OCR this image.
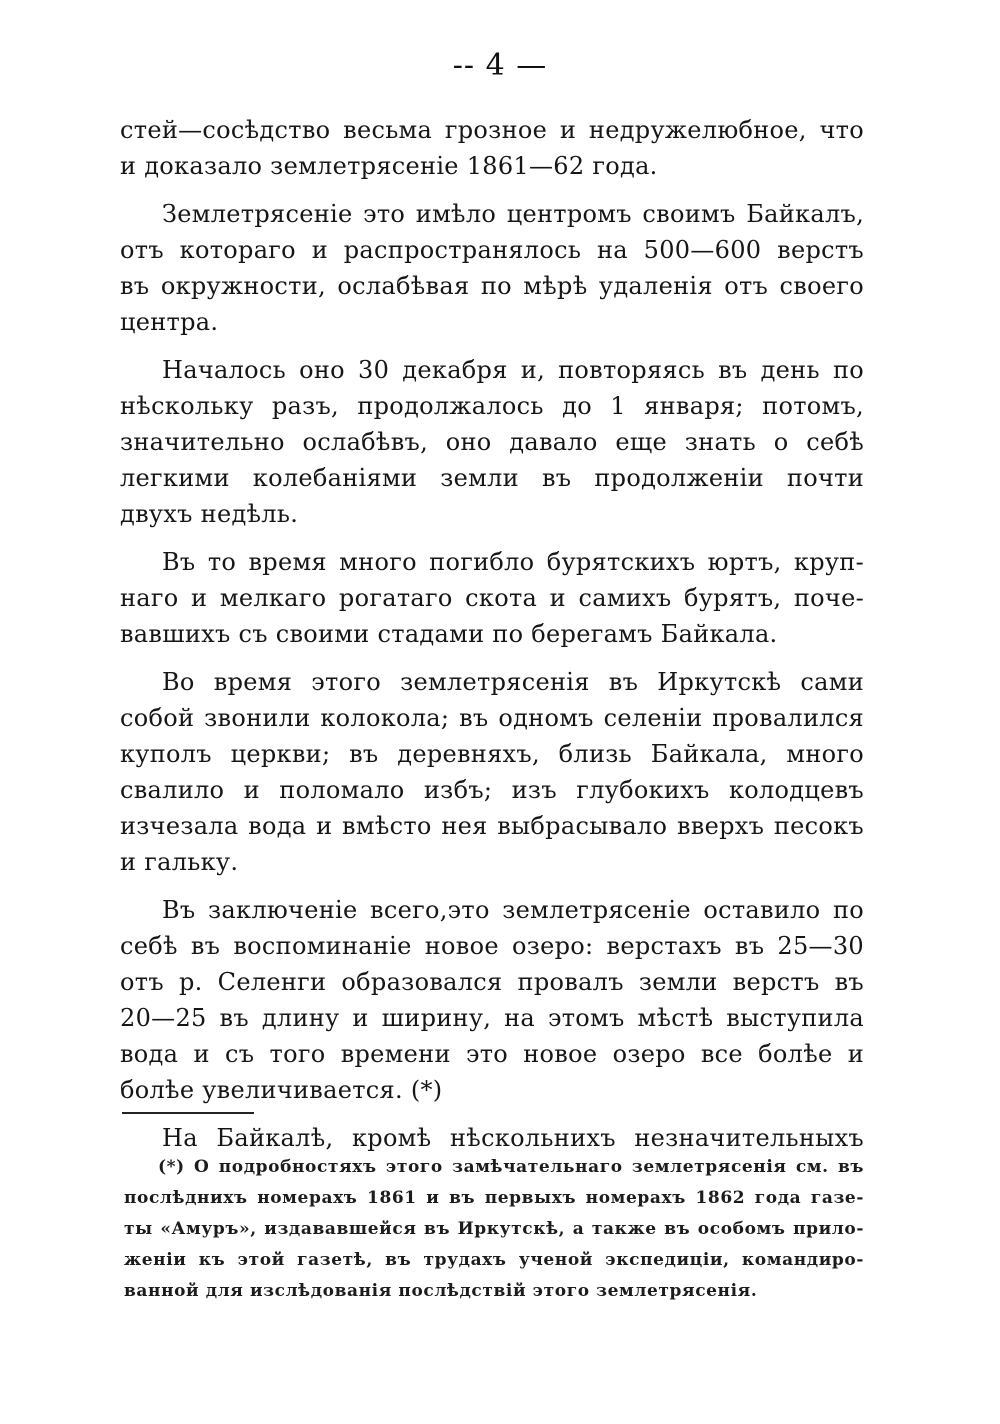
-- 4 —
стей—сосѣдство весьма грозное и недружелюбное, что
и доказало землетрясеніе 1861—62 года.
Землетрясеніе это имѣло центромъ своимъ Байкалъ,
отъ котораго и распространялось на 500—600 верстъ
въ окружности, ослабѣвая по мѣрѣ удаленія отъ своего
центра.
Началось оно 30 декабря и, повторяясь въ день по
нѣскольку разъ, продолжалось до 1 января; потомъ,
значительно ослабѣвъ, оно давало еще знать о себѣ
легкими колебаніями земли въ продолженіи почти
двухъ недѣль.
Въ то время много погибло бурятскихъ юртъ, круп-
наго и мелкаго рогатаго скота и самихъ бурятъ, поче-
вавшихъ съ своими стадами по берегамъ Байкала.
Во время этого землетрясенія въ Иркутскѣ сами
собой звонили колокола; въ одномъ селеніи провалился
куполъ церкви; въ деревняхъ, близь Байкала, много
свалило и поломало избъ; изъ глубокихъ колодцевъ
изчезала вода и вмѣсто нея выбрасывало вверхъ песокъ
и гальку.
Въ заключеніе всего,это землетрясеніе оставило по
себѣ въ воспоминаніе новое озеро: верстахъ въ 25—30
отъ р. Селенги образовался провалъ земли верстъ въ
20—25 въ длину и ширину, на этомъ мѣстѣ выступила
вода и съ того времени это новое озеро все болѣе и
болѣе увеличивается. (*)
На Байкалѣ, кромѣ нѣскольнихъ незначительныхъ
(*) О подробностяхъ этого замѣчательнаго землетрясенія см. въ
послѣднихъ номерахъ 1861 и въ первыхъ номерахъ 1862 года газе-
ты «Амуръ», издававшейся въ Иркутскѣ, а также въ особомъ прило-
женіи къ этой газетѣ, въ трудахъ ученой экспедиціи, командиро-
ванной для изслѣдованія послѣдствій этого землетрясенія.
